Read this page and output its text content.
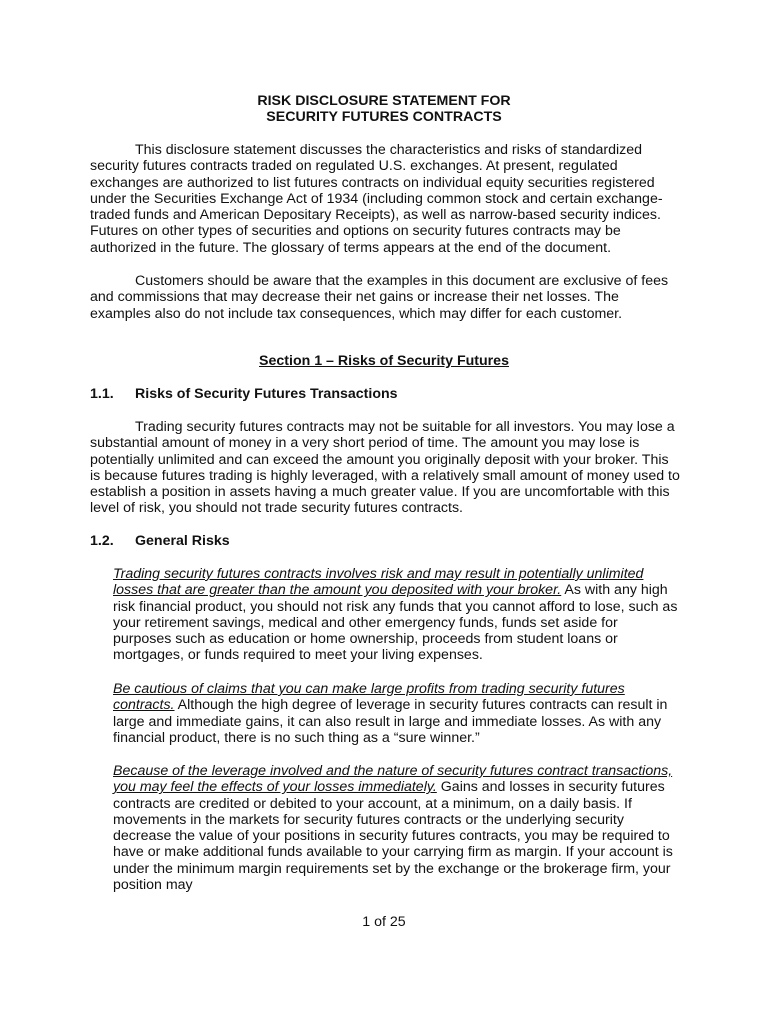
RISK DISCLOSURE STATEMENT FOR
SECURITY FUTURES CONTRACTS
This disclosure statement discusses the characteristics and risks of standardized security futures contracts traded on regulated U.S. exchanges. At present, regulated exchanges are authorized to list futures contracts on individual equity securities registered under the Securities Exchange Act of 1934 (including common stock and certain exchange-traded funds and American Depositary Receipts), as well as narrow-based security indices. Futures on other types of securities and options on security futures contracts may be authorized in the future. The glossary of terms appears at the end of the document.
Customers should be aware that the examples in this document are exclusive of fees and commissions that may decrease their net gains or increase their net losses. The examples also do not include tax consequences, which may differ for each customer.
Section 1 – Risks of Security Futures
1.1. Risks of Security Futures Transactions
Trading security futures contracts may not be suitable for all investors. You may lose a substantial amount of money in a very short period of time. The amount you may lose is potentially unlimited and can exceed the amount you originally deposit with your broker. This is because futures trading is highly leveraged, with a relatively small amount of money used to establish a position in assets having a much greater value. If you are uncomfortable with this level of risk, you should not trade security futures contracts.
1.2. General Risks
Trading security futures contracts involves risk and may result in potentially unlimited losses that are greater than the amount you deposited with your broker. As with any high risk financial product, you should not risk any funds that you cannot afford to lose, such as your retirement savings, medical and other emergency funds, funds set aside for purposes such as education or home ownership, proceeds from student loans or mortgages, or funds required to meet your living expenses.
Be cautious of claims that you can make large profits from trading security futures contracts. Although the high degree of leverage in security futures contracts can result in large and immediate gains, it can also result in large and immediate losses. As with any financial product, there is no such thing as a “sure winner.”
Because of the leverage involved and the nature of security futures contract transactions, you may feel the effects of your losses immediately. Gains and losses in security futures contracts are credited or debited to your account, at a minimum, on a daily basis. If movements in the markets for security futures contracts or the underlying security decrease the value of your positions in security futures contracts, you may be required to have or make additional funds available to your carrying firm as margin. If your account is under the minimum margin requirements set by the exchange or the brokerage firm, your position may
1 of 25
